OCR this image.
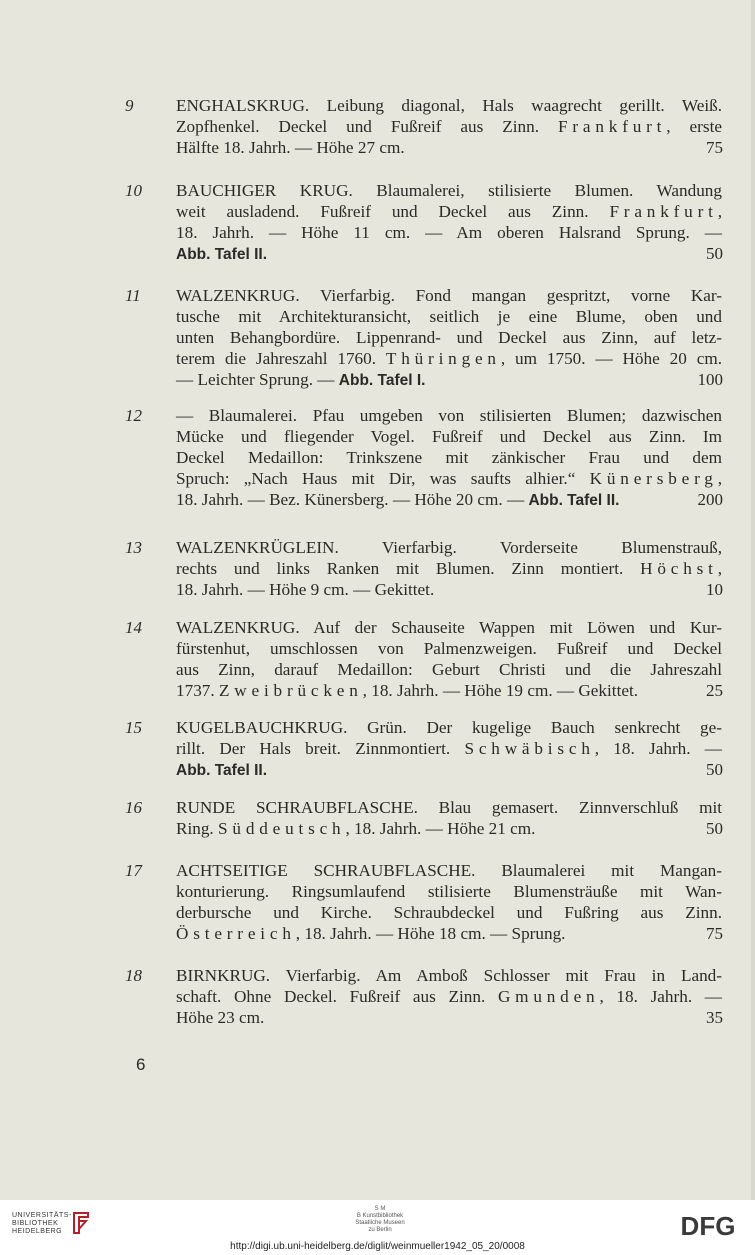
9	ENGHALSKRUG. Leibung diagonal, Hals waagrecht gerillt. Weiß.
Zopfhenkel. Deckel und Fußreif aus Zinn. Frankfurt, erste
Hälfte 18. Jahrh. — Höhe 27 cm.	75
10	BAUCHIGER KRUG. Blaumalerei, stilisierte Blumen. Wandung
weit ausladend. Fußreif und Deckel aus Zinn. Frankfurt,
18. Jahrh. — Höhe 11 cm. — Am oberen Halsrand Sprung. —
Abb. Tafel II.	50
11	WALZENKRUG. Vierfarbig. Fond mangan gespritzt, vorne Kar-
tusche mit Architekturansicht, seitlich je eine Blume, oben und
unten Behangbordüre. Lippenrand- und Deckel aus Zinn, auf letz-
terem die Jahreszahl 1760. Thüringen, um 1750. — Höhe 20 cm.
— Leichter Sprung. — Abb. Tafel I.	100
12	— Blaumalerei. Pfau umgeben von stilisierten Blumen; dazwischen
Mücke und fliegender Vogel. Fußreif und Deckel aus Zinn. Im
Deckel Medaillon: Trinkszene mit zänkischer Frau und dem
Spruch: „Nach Haus mit Dir, was saufts alhier.“ Künersberg,
18. Jahrh. — Bez. Künersberg. — Höhe 20 cm. — Abb. Tafel II.	200
13	WALZENKRÜGLEIN. Vierfarbig. Vorderseite Blumenstrauß,
rechts und links Ranken mit Blumen. Zinn montiert. Höchst,
18. Jahrh. — Höhe 9 cm. — Gekittet.	10
14	WALZENKRUG. Auf der Schauseite Wappen mit Löwen und Kur-
fürstenhut, umschlossen von Palmenzweigen. Fußreif und Deckel
aus Zinn, darauf Medaillon: Geburt Christi und die Jahreszahl
1737. Zweibrücken, 18. Jahrh. — Höhe 19 cm. — Gekittet.	25
15	KUGELBAUCHKRUG. Grün. Der kugelige Bauch senkrecht ge-
rillt. Der Hals breit. Zinnmontiert. Schwäbisch, 18. Jahrh. —
Abb. Tafel II.	50
16	RUNDE SCHRAUBFLASCHE. Blau gemasert. Zinnverschluß mit
Ring. Süddeutsch, 18. Jahrh. — Höhe 21 cm.	50
17	ACHTSEITIGE SCHRAUBFLASCHE. Blaumalerei mit Mangan-
konturierung. Ringsumlaufend stilisierte Blumensträuße mit Wan-
derbursche und Kirche. Schraubdeckel und Fußring aus Zinn.
Österreich, 18. Jahrh. — Höhe 18 cm. — Sprung.	75
18	BIRNKRUG. Vierfarbig. Am Amboß Schlosser mit Frau in Land-
schaft. Ohne Deckel. Fußreif aus Zinn. Gmunden, 18. Jahrh. —
Höhe 23 cm.	35
6
UNIVERSITÄTS-
BIBLIOTHEK
HEIDELBERG
S M
B Kunstbibliothek
Staatliche Museen
zu Berlin	DFG
http://digi.ub.uni-heidelberg.de/diglit/weinmueller1942_05_20/0008
